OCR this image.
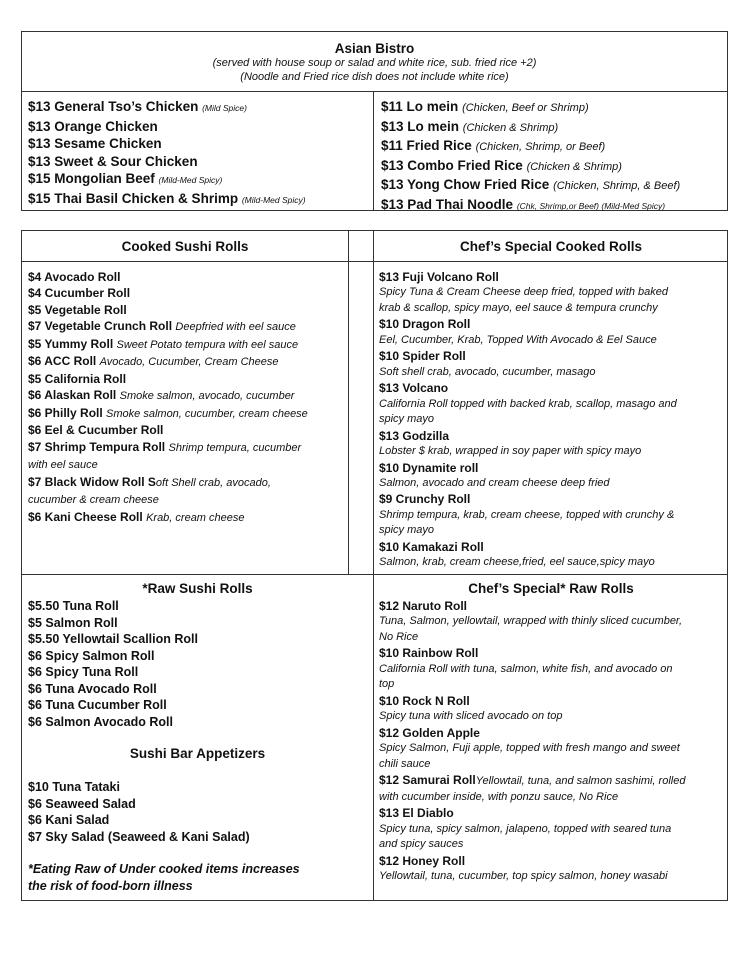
Asian Bistro
(served with house soup or salad and white rice, sub. fried rice +2)
(Noodle and Fried rice dish does not include white rice)
$13 General Tso’s Chicken (Mild Spice)
$13 Orange Chicken
$13 Sesame Chicken
$13 Sweet & Sour Chicken
$15 Mongolian Beef (Mild-Med Spicy)
$15 Thai Basil Chicken & Shrimp (Mild-Med Spicy)
$11 Lo mein (Chicken, Beef or Shrimp)
$13 Lo mein (Chicken & Shrimp)
$11 Fried Rice (Chicken, Shrimp, or Beef)
$13 Combo Fried Rice (Chicken & Shrimp)
$13 Yong Chow Fried Rice (Chicken, Shrimp, & Beef)
$13 Pad Thai Noodle (Chk, Shrimp,or Beef) (Mild-Med Spicy)
Cooked Sushi Rolls	Chef’s Special Cooked Rolls
$4 Avocado Roll
$4 Cucumber Roll
$5 Vegetable Roll
$7 Vegetable Crunch Roll Deepfried with eel sauce
$5 Yummy Roll Sweet Potato tempura with eel sauce
$6 ACC Roll Avocado, Cucumber, Cream Cheese
$5 California Roll
$6 Alaskan Roll Smoke salmon, avocado, cucumber
$6 Philly Roll Smoke salmon, cucumber, cream cheese
$6 Eel & Cucumber Roll
$7 Shrimp Tempura Roll Shrimp tempura, cucumber
with eel sauce
$7 Black Widow Roll Soft Shell crab, avocado,
cucumber & cream cheese
$6 Kani Cheese Roll Krab, cream cheese
$13 Fuji Volcano Roll
Spicy Tuna & Cream Cheese deep fried, topped with baked
krab & scallop, spicy mayo, eel sauce & tempura crunchy
$10 Dragon Roll
Eel, Cucumber, Krab, Topped With Avocado & Eel Sauce
$10 Spider Roll
Soft shell crab, avocado, cucumber, masago
$13 Volcano
California Roll topped with backed krab, scallop, masago and
spicy mayo
$13 Godzilla
Lobster $ krab, wrapped in soy paper with spicy mayo
$10 Dynamite roll
Salmon, avocado and cream cheese deep fried
$9 Crunchy Roll
Shrimp tempura, krab, cream cheese, topped with crunchy &
spicy mayo
$10 Kamakazi Roll
Salmon, krab, cream cheese,fried, eel sauce,spicy mayo
*Raw Sushi Rolls
$5.50 Tuna Roll
$5 Salmon Roll
$5.50 Yellowtail Scallion Roll
$6 Spicy Salmon Roll
$6 Spicy Tuna Roll
$6 Tuna Avocado Roll
$6 Tuna Cucumber Roll
$6 Salmon Avocado Roll
Sushi Bar Appetizers
$10 Tuna Tataki
$6 Seaweed Salad
$6 Kani Salad
$7 Sky Salad (Seaweed & Kani Salad)
*Eating Raw of Under cooked items increases
the risk of food-born illness
Chef’s Special* Raw Rolls
$12 Naruto Roll
Tuna, Salmon, yellowtail, wrapped with thinly sliced cucumber,
No Rice
$10 Rainbow Roll
California Roll with tuna, salmon, white fish, and avocado on
top
$10 Rock N Roll
Spicy tuna with sliced avocado on top
$12 Golden Apple
Spicy Salmon, Fuji apple, topped with fresh mango and sweet
chili sauce
$12 Samurai RollYellowtail, tuna, and salmon sashimi, rolled
with cucumber inside, with ponzu sauce, No Rice
$13 El Diablo
Spicy tuna, spicy salmon, jalapeno, topped with seared tuna
and spicy sauces
$12 Honey Roll
Yellowtail, tuna, cucumber, top spicy salmon, honey wasabi
